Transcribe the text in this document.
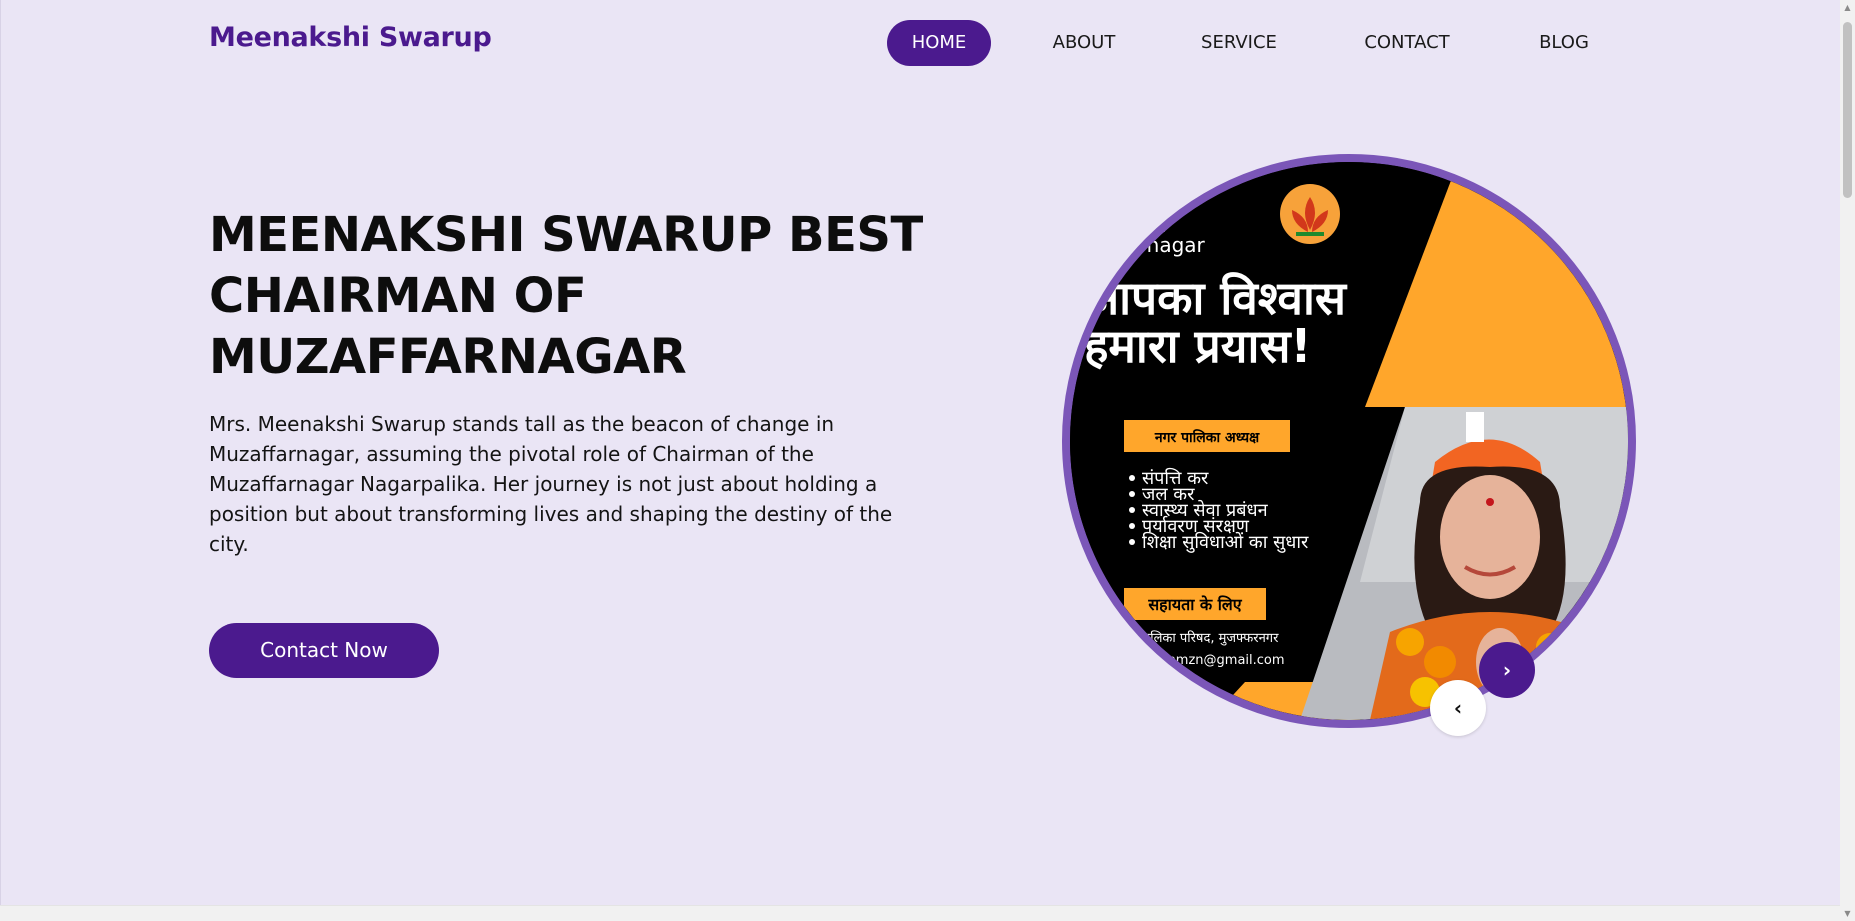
Meenakshi Swarup	HOME	ABOUT	SERVICE	CONTACT	BLOG
MEENAKSHI SWARUP BEST
CHAIRMAN OF
MUZAFFARNAGAR

Mrs. Meenakshi Swarup stands tall as the beacon of change in Muzaffarnagar, assuming the pivotal role of Chairman of the Muzaffarnagar Nagarpalika. Her journey is not just about holding a position but about transforming lives and shaping the destiny of the city.

Contact Now
rman of
zaffarnagar
आपका विश्वास
हमारा प्रयास!
नगर पालिका अध्यक्ष
संपत्ति कर
जल कर
स्वास्थ्य सेवा प्रबंधन
पर्यावरण संरक्षण
शिक्षा सुविधाओं का सुधार
सहायता के लिए
र पालिका परिषद, मुजफ्फरनगर
arupmzn@gmail.com	›
‹
▲
▼
